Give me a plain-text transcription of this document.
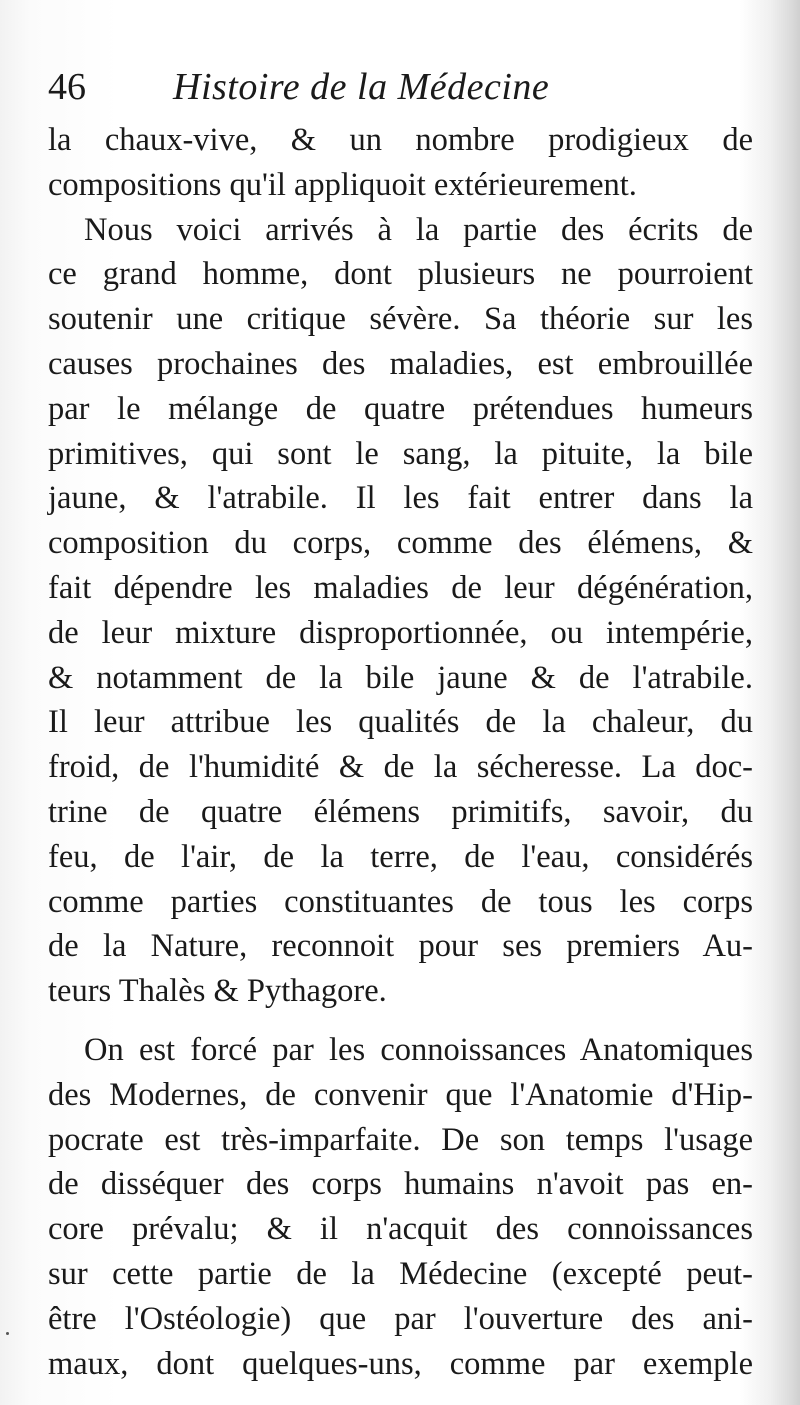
46 Histoire de la Médecine
la chaux-vive, & un nombre prodigieux de
compositions qu'il appliquoit extérieurement.
Nous voici arrivés à la partie des écrits de
ce grand homme, dont plusieurs ne pourroient
soutenir une critique sévère. Sa théorie sur les
causes prochaines des maladies, est embrouillée
par le mélange de quatre prétendues humeurs
primitives, qui sont le sang, la pituite, la bile
jaune, & l'atrabile. Il les fait entrer dans la
composition du corps, comme des élémens, &
fait dépendre les maladies de leur dégénération,
de leur mixture disproportionnée, ou intempérie,
& notamment de la bile jaune & de l'atrabile.
Il leur attribue les qualités de la chaleur, du
froid, de l'humidité & de la sécheresse. La doc-
trine de quatre élémens primitifs, savoir, du
feu, de l'air, de la terre, de l'eau, considérés
comme parties constituantes de tous les corps
de la Nature, reconnoit pour ses premiers Au-
teurs Thalès & Pythagore.
On est forcé par les connoissances Anatomiques
des Modernes, de convenir que l'Anatomie d'Hip-
pocrate est très-imparfaite. De son temps l'usage
de disséquer des corps humains n'avoit pas en-
core prévalu; & il n'acquit des connoissances
sur cette partie de la Médecine (excepté peut-
être l'Ostéologie) que par l'ouverture des ani-
maux, dont quelques-uns, comme par exemple
